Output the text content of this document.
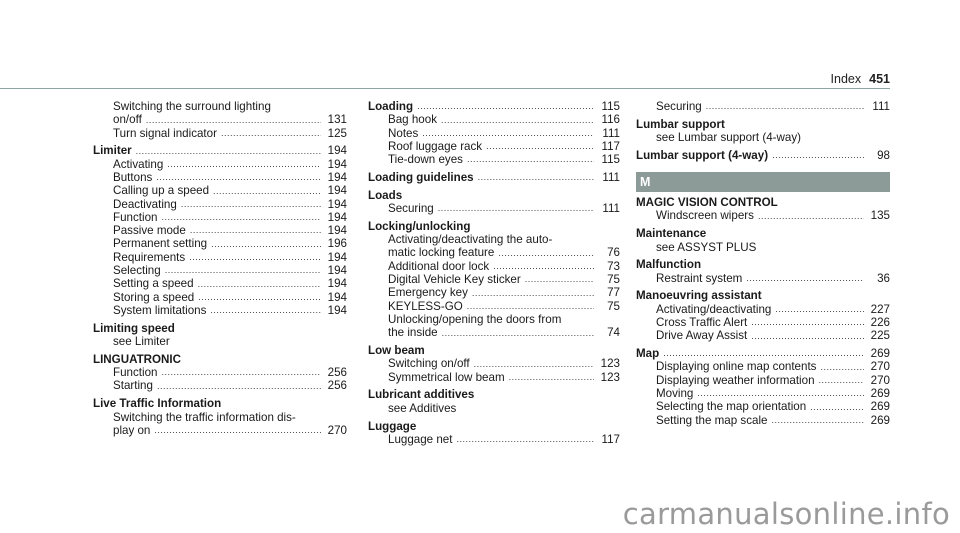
Index 451
Switching the surround lighting
on/off .....	131
Turn signal indicator .....	125
Limiter .....	194
Activating .....	194
Buttons .....	194
Calling up a speed .....	194
Deactivating .....	194
Function .....	194
Passive mode .....	194
Permanent setting .....	196
Requirements .....	194
Selecting .....	194
Setting a speed .....	194
Storing a speed .....	194
System limitations .....	194
Limiting speed
see Limiter
LINGUATRONIC
Function .....	256
Starting .....	256
Live Traffic Information
Switching the traffic information dis-
play on .....	270
Loading .....	115
Bag hook .....	116
Notes .....	111
Roof luggage rack .....	117
Tie-down eyes .....	115
Loading guidelines .....	111
Loads
Securing .....	111
Locking/unlocking
Activating/deactivating the auto-
matic locking feature .....	76
Additional door lock .....	73
Digital Vehicle Key sticker .....	75
Emergency key .....	77
KEYLESS-GO .....	75
Unlocking/opening the doors from
the inside .....	74
Low beam
Switching on/off .....	123
Symmetrical low beam .....	123
Lubricant additives
see Additives
Luggage
Luggage net .....	117
Securing .....	111
Lumbar support
see Lumbar support (4-way)
Lumbar support (4-way) .....	98
M
MAGIC VISION CONTROL
Windscreen wipers .....	135
Maintenance
see ASSYST PLUS
Malfunction
Restraint system .....	36
Manoeuvring assistant
Activating/deactivating .....	227
Cross Traffic Alert .....	226
Drive Away Assist .....	225
Map .....	269
Displaying online map contents .....	270
Displaying weather information .....	270
Moving .....	269
Selecting the map orientation .....	269
Setting the map scale .....	269
carmanualsonline.info
